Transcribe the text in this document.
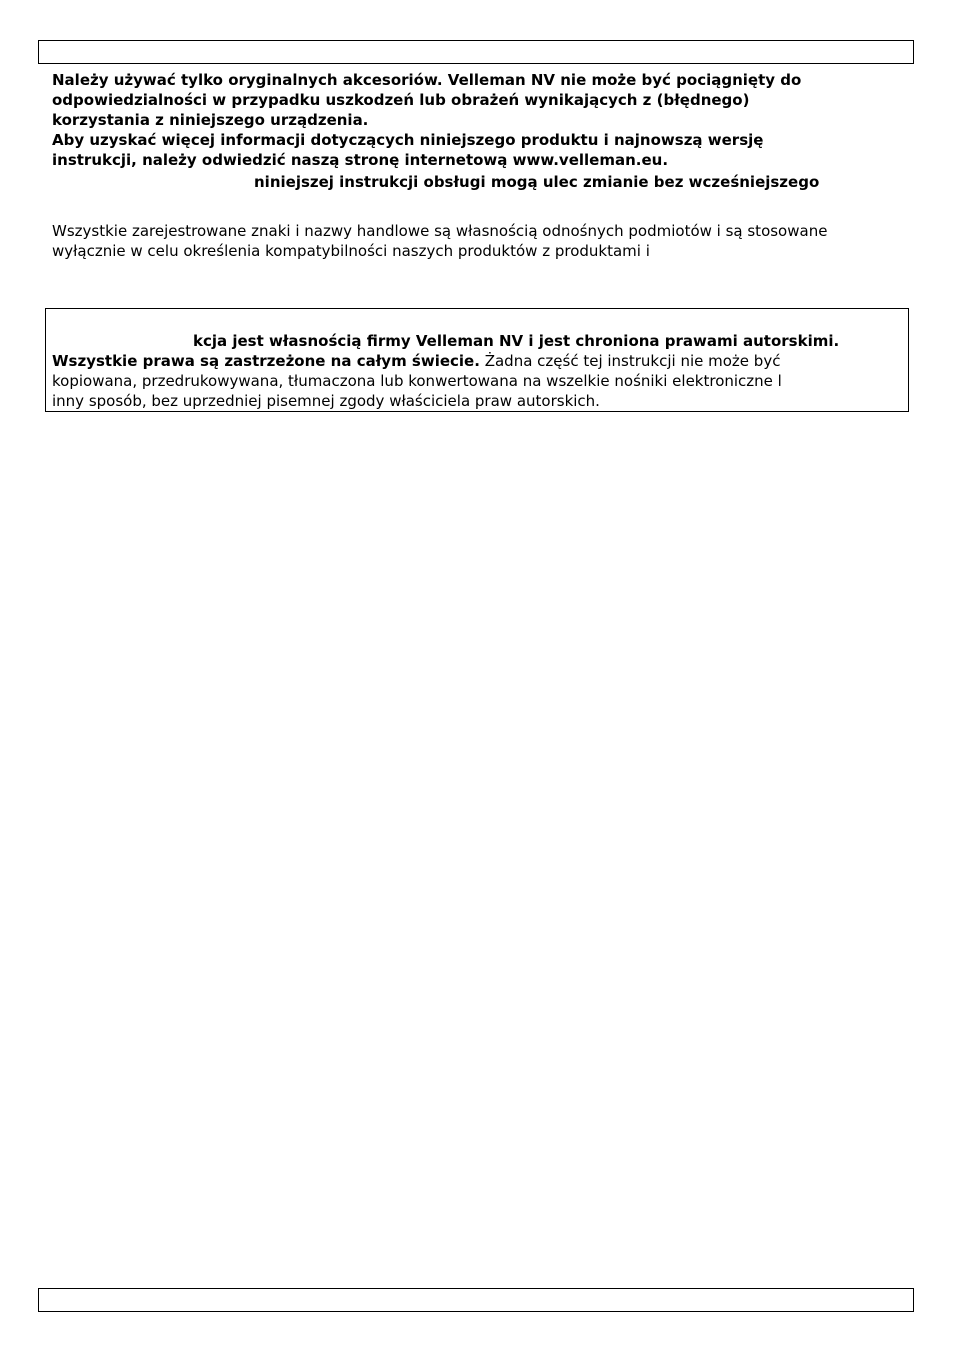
Należy używać tylko oryginalnych akcesoriów. Velleman NV nie może być pociągnięty do
odpowiedzialności w przypadku uszkodzeń lub obrażeń wynikających z (błędnego)
korzystania z niniejszego urządzenia.
Aby uzyskać więcej informacji dotyczących niniejszego produktu i najnowszą wersję
instrukcji, należy odwiedzić naszą stronę internetową www.velleman.eu.
niniejszej instrukcji obsługi mogą ulec zmianie bez wcześniejszego
Wszystkie zarejestrowane znaki i nazwy handlowe są własnością odnośnych podmiotów i są stosowane
wyłącznie w celu określenia kompatybilności naszych produktów z produktami i
kcja jest własnością firmy Velleman NV i jest chroniona prawami autorskimi.
Wszystkie prawa są zastrzeżone na całym świecie. Żadna część tej instrukcji nie może być
kopiowana, przedrukowywana, tłumaczona lub konwertowana na wszelkie nośniki elektroniczne l
inny sposób, bez uprzedniej pisemnej zgody właściciela praw autorskich.
